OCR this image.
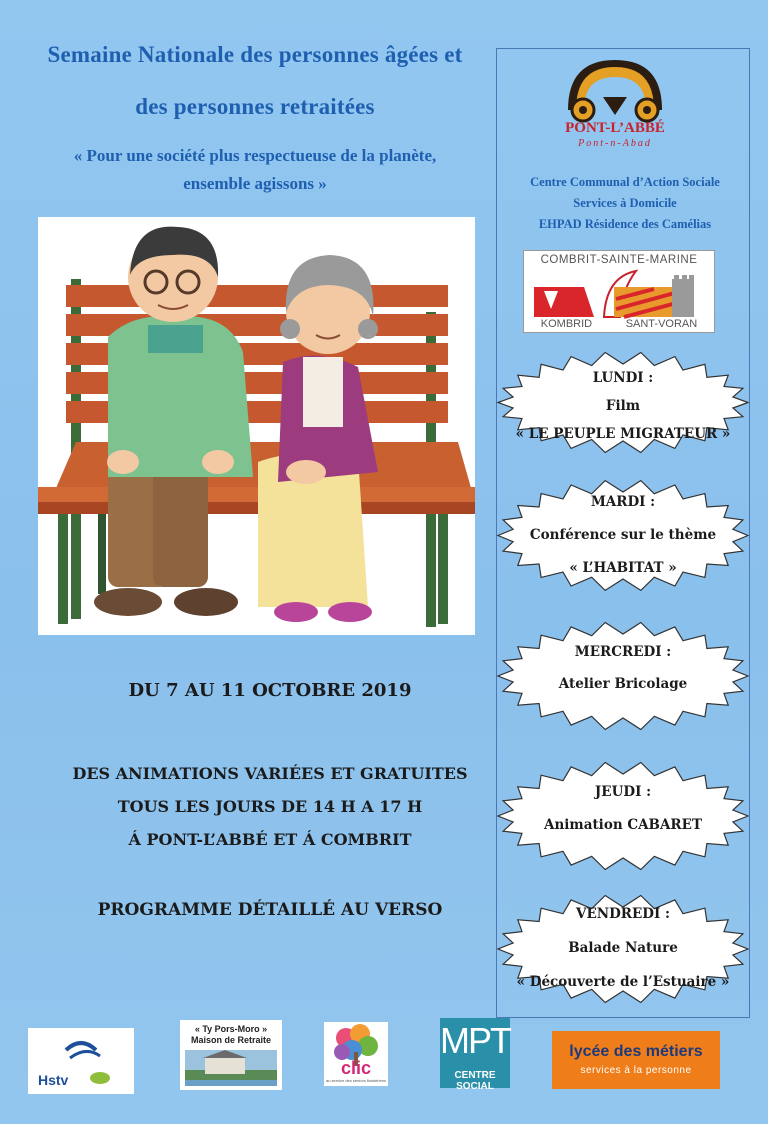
Semaine Nationale des personnes âgées et
des personnes retraitées
« Pour une société plus respectueuse de la planète,
ensemble agissons »
DU 7 AU 11 OCTOBRE 2019
DES ANIMATIONS VARIÉES ET GRATUITES
TOUS LES JOURS DE 14 H A 17 H
Á PONT-L’ABBÉ ET Á COMBRIT
PROGRAMME DÉTAILLÉ AU VERSO
PONT-L’ABBÉ
Pont-n-Abad
Centre Communal d’Action Sociale
Services à Domicile
EHPAD Résidence des Camélias
COMBRIT-SAINTE-MARINE
KOMBRID	SANT-VORAN
LUNDI :
Film
« LE PEUPLE MIGRATEUR »
MARDI :
Conférence sur le thème
« L’HABITAT »
MERCREDI :
Atelier Bricolage
JEUDI :
Animation CABARET
VENDREDI :
Balade Nature
« Découverte de l’Estuaire »
Hstv
« Ty Pors-Moro »
Maison de Retraite
clic
au service des seniors finistériens
MPT
CENTRE SOCIAL
lycée des métiers
services à la personne
